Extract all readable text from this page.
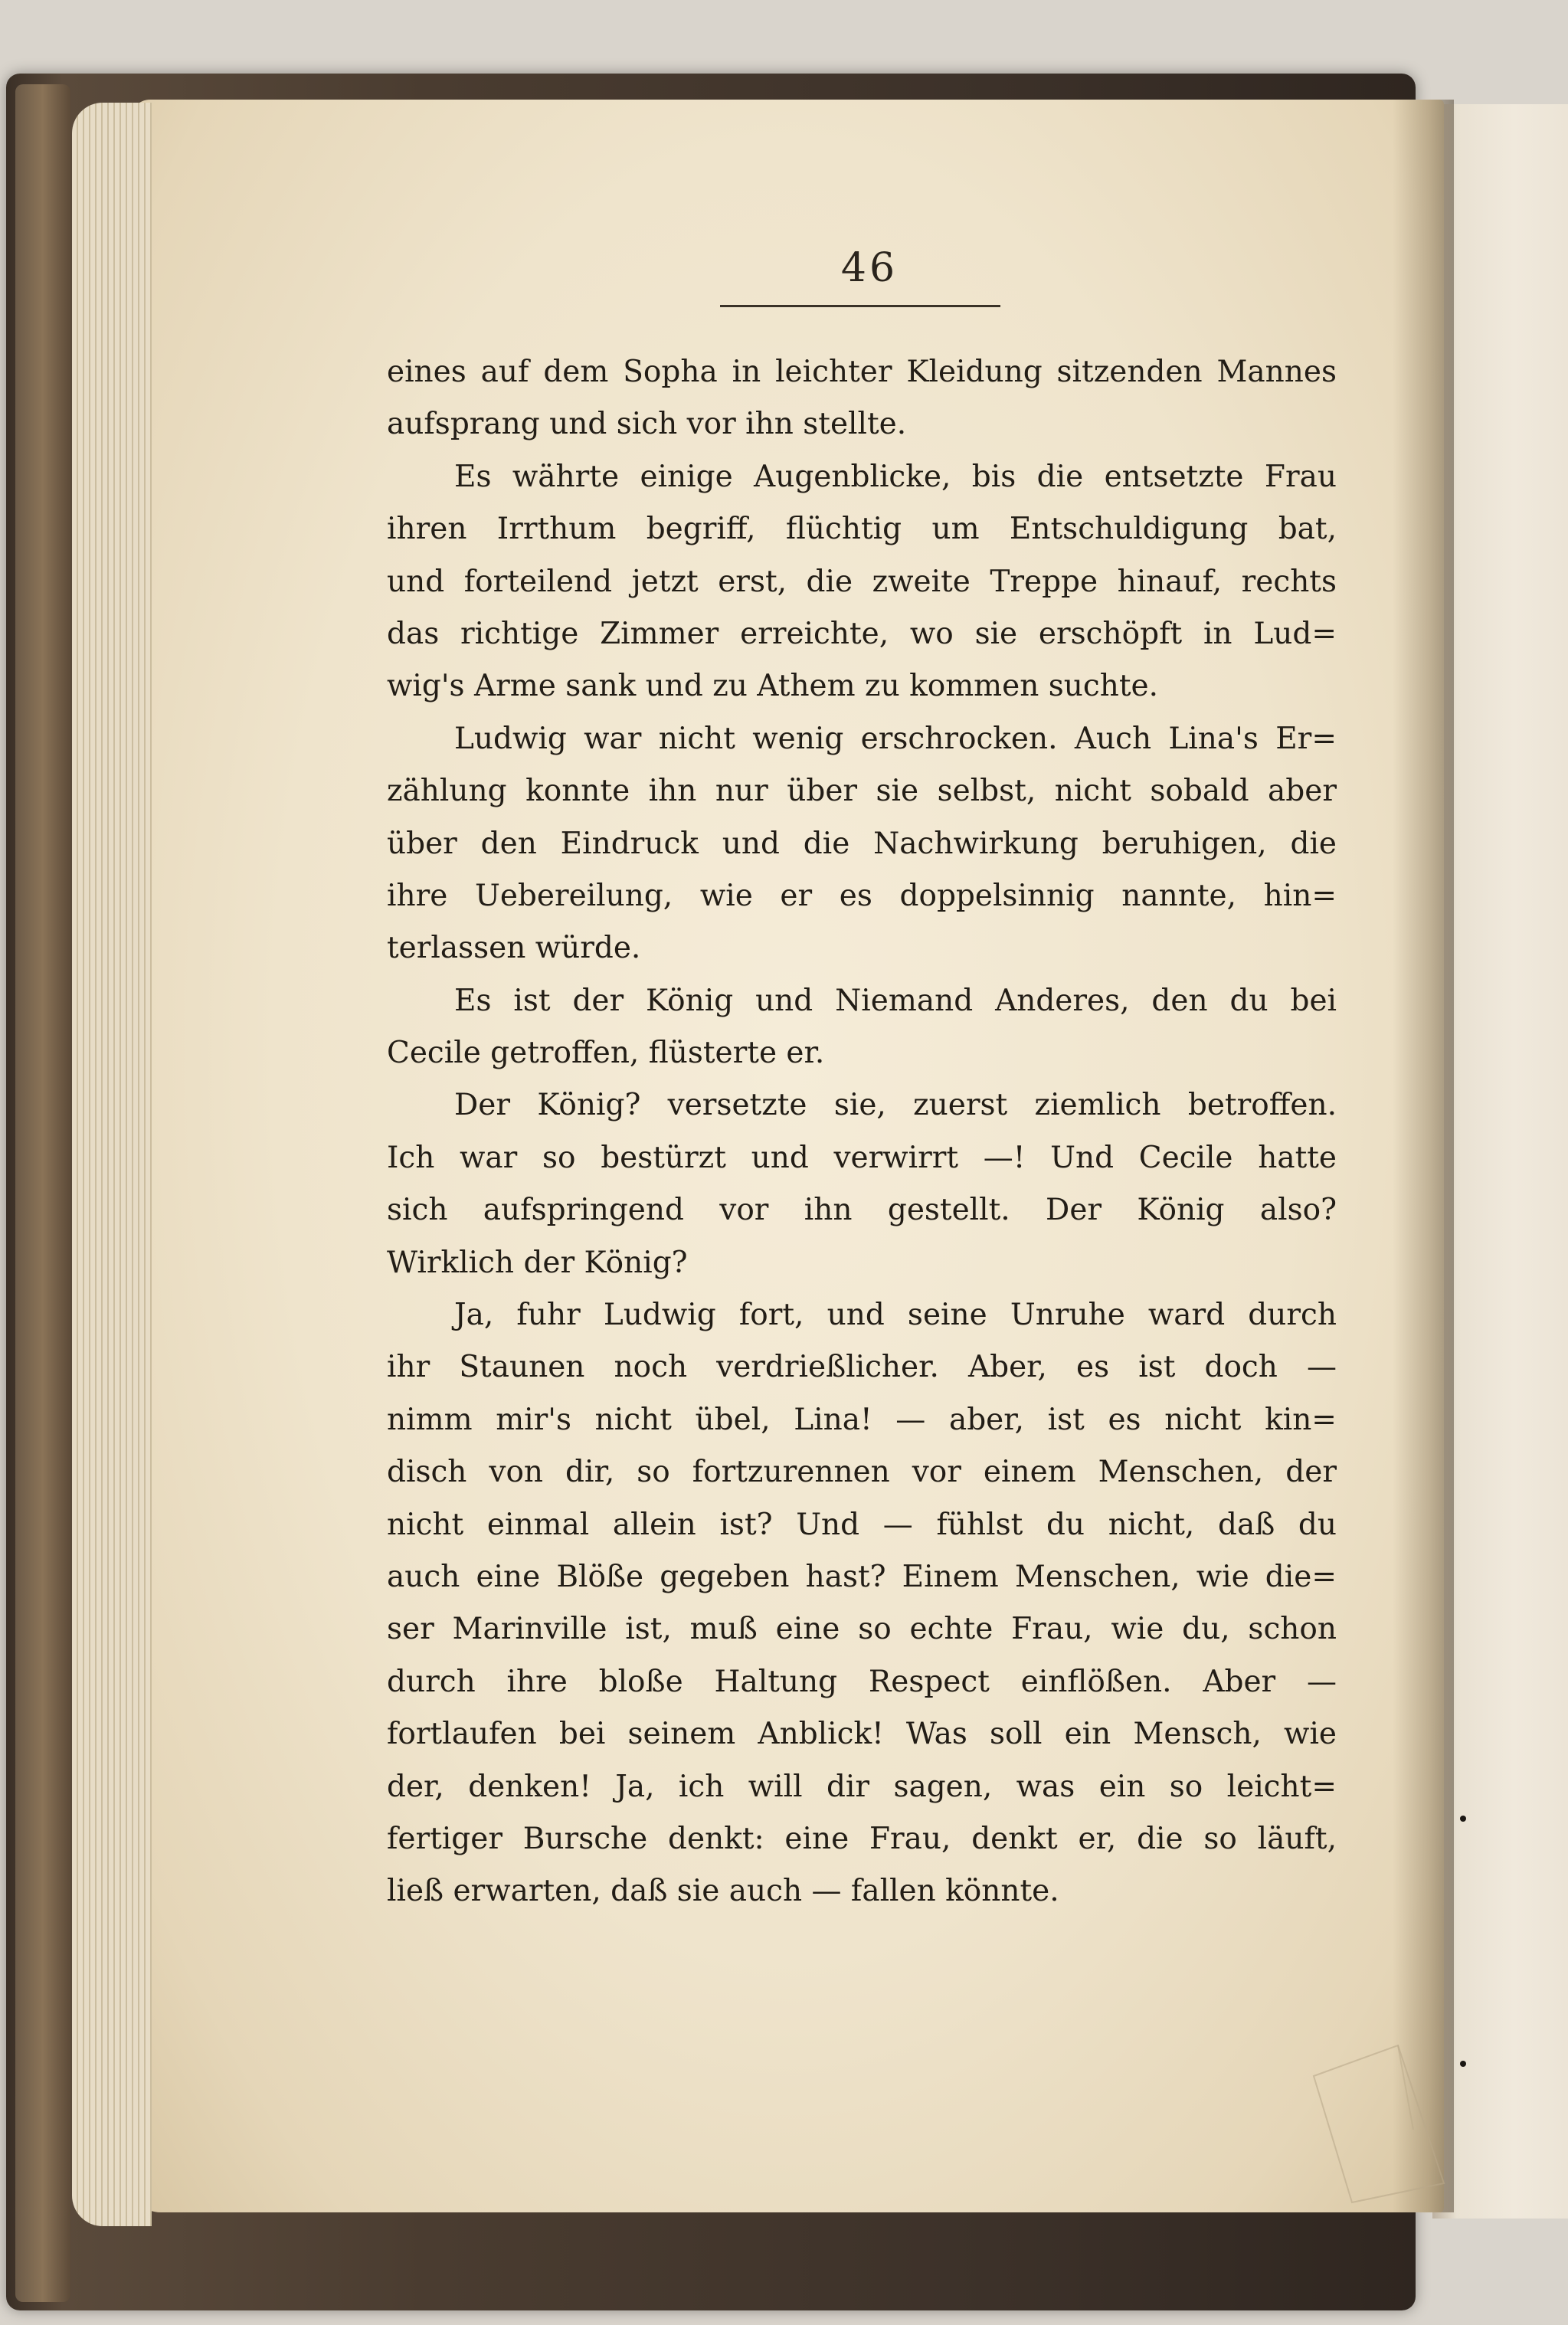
46
eines auf dem Sopha in leichter Kleidung sitzenden Mannes
aufsprang und sich vor ihn stellte.
Es währte einige Augenblicke, bis die entsetzte Frau
ihren Irrthum begriff, flüchtig um Entschuldigung bat,
und forteilend jetzt erst, die zweite Treppe hinauf, rechts
das richtige Zimmer erreichte, wo sie erschöpft in Lud=
wig's Arme sank und zu Athem zu kommen suchte.
Ludwig war nicht wenig erschrocken. Auch Lina's Er=
zählung konnte ihn nur über sie selbst, nicht sobald aber
über den Eindruck und die Nachwirkung beruhigen, die
ihre Uebereilung, wie er es doppelsinnig nannte, hin=
terlassen würde.
Es ist der König und Niemand Anderes, den du bei
Cecile getroffen, flüsterte er.
Der König? versetzte sie, zuerst ziemlich betroffen.
Ich war so bestürzt und verwirrt —! Und Cecile hatte
sich aufspringend vor ihn gestellt. Der König also?
Wirklich der König?
Ja, fuhr Ludwig fort, und seine Unruhe ward durch
ihr Staunen noch verdrießlicher. Aber, es ist doch —
nimm mir's nicht übel, Lina! — aber, ist es nicht kin=
disch von dir, so fortzurennen vor einem Menschen, der
nicht einmal allein ist? Und — fühlst du nicht, daß du
auch eine Blöße gegeben hast? Einem Menschen, wie die=
ser Marinville ist, muß eine so echte Frau, wie du, schon
durch ihre bloße Haltung Respect einflößen. Aber —
fortlaufen bei seinem Anblick! Was soll ein Mensch, wie
der, denken! Ja, ich will dir sagen, was ein so leicht=
fertiger Bursche denkt: eine Frau, denkt er, die so läuft,
ließ erwarten, daß sie auch — fallen könnte.
